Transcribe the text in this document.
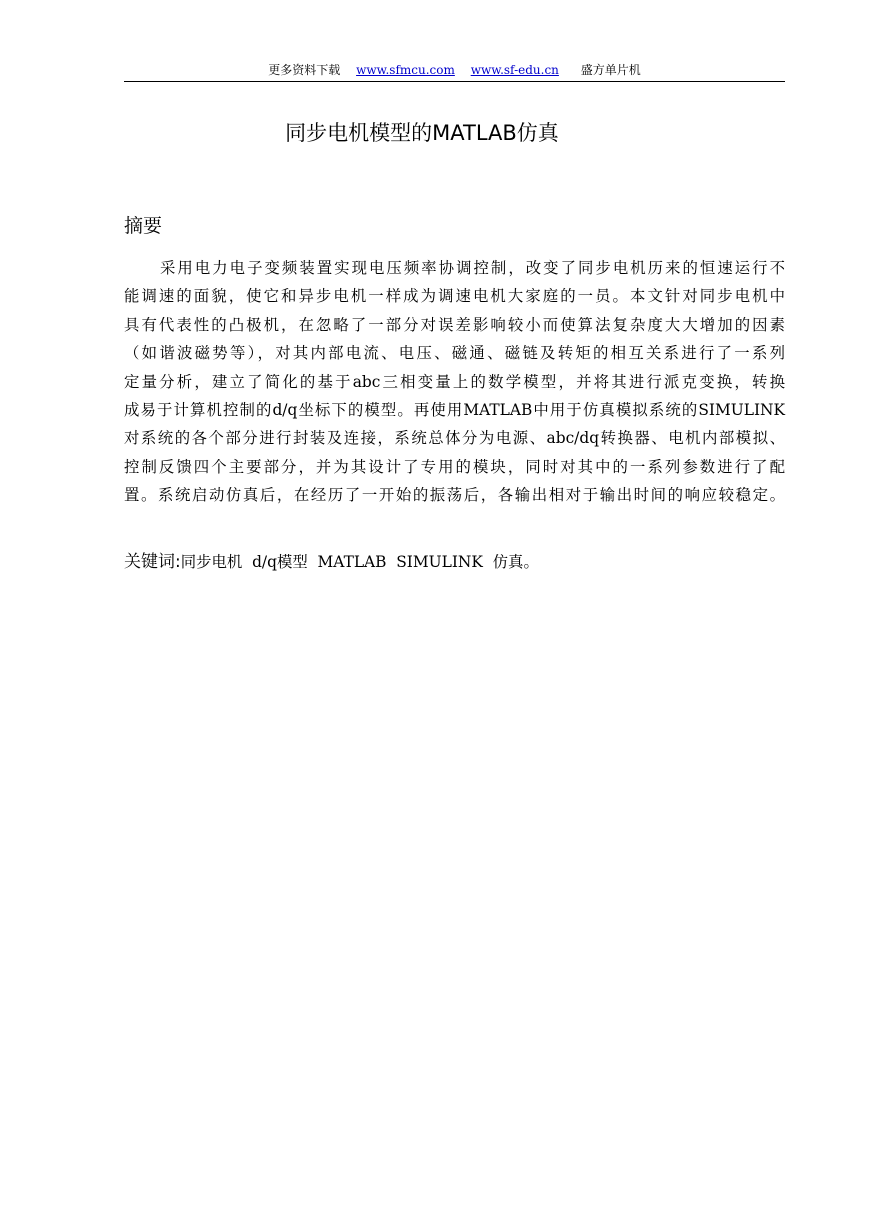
更多资料下载 www.sfmcu.com www.sf-edu.cn 盛方单片机
同步电机模型的MATLAB仿真
摘要
采用电力电子变频装置实现电压频率协调控制，改变了同步电机历来的恒速运行不
能调速的面貌，使它和异步电机一样成为调速电机大家庭的一员。本文针对同步电机中
具有代表性的凸极机，在忽略了一部分对误差影响较小而使算法复杂度大大增加的因素
（如谐波磁势等），对其内部电流、电压、磁通、磁链及转矩的相互关系进行了一系列
定量分析，建立了简化的基于abc三相变量上的数学模型，并将其进行派克变换，转换
成易于计算机控制的d/q坐标下的模型。再使用MATLAB中用于仿真模拟系统的SIMULINK
对系统的各个部分进行封装及连接，系统总体分为电源、abc/dq转换器、电机内部模拟、
控制反馈四个主要部分，并为其设计了专用的模块，同时对其中的一系列参数进行了配
置。系统启动仿真后，在经历了一开始的振荡后，各输出相对于输出时间的响应较稳定。
关键词:同步电机  d/q模型  MATLAB  SIMULINK  仿真。
